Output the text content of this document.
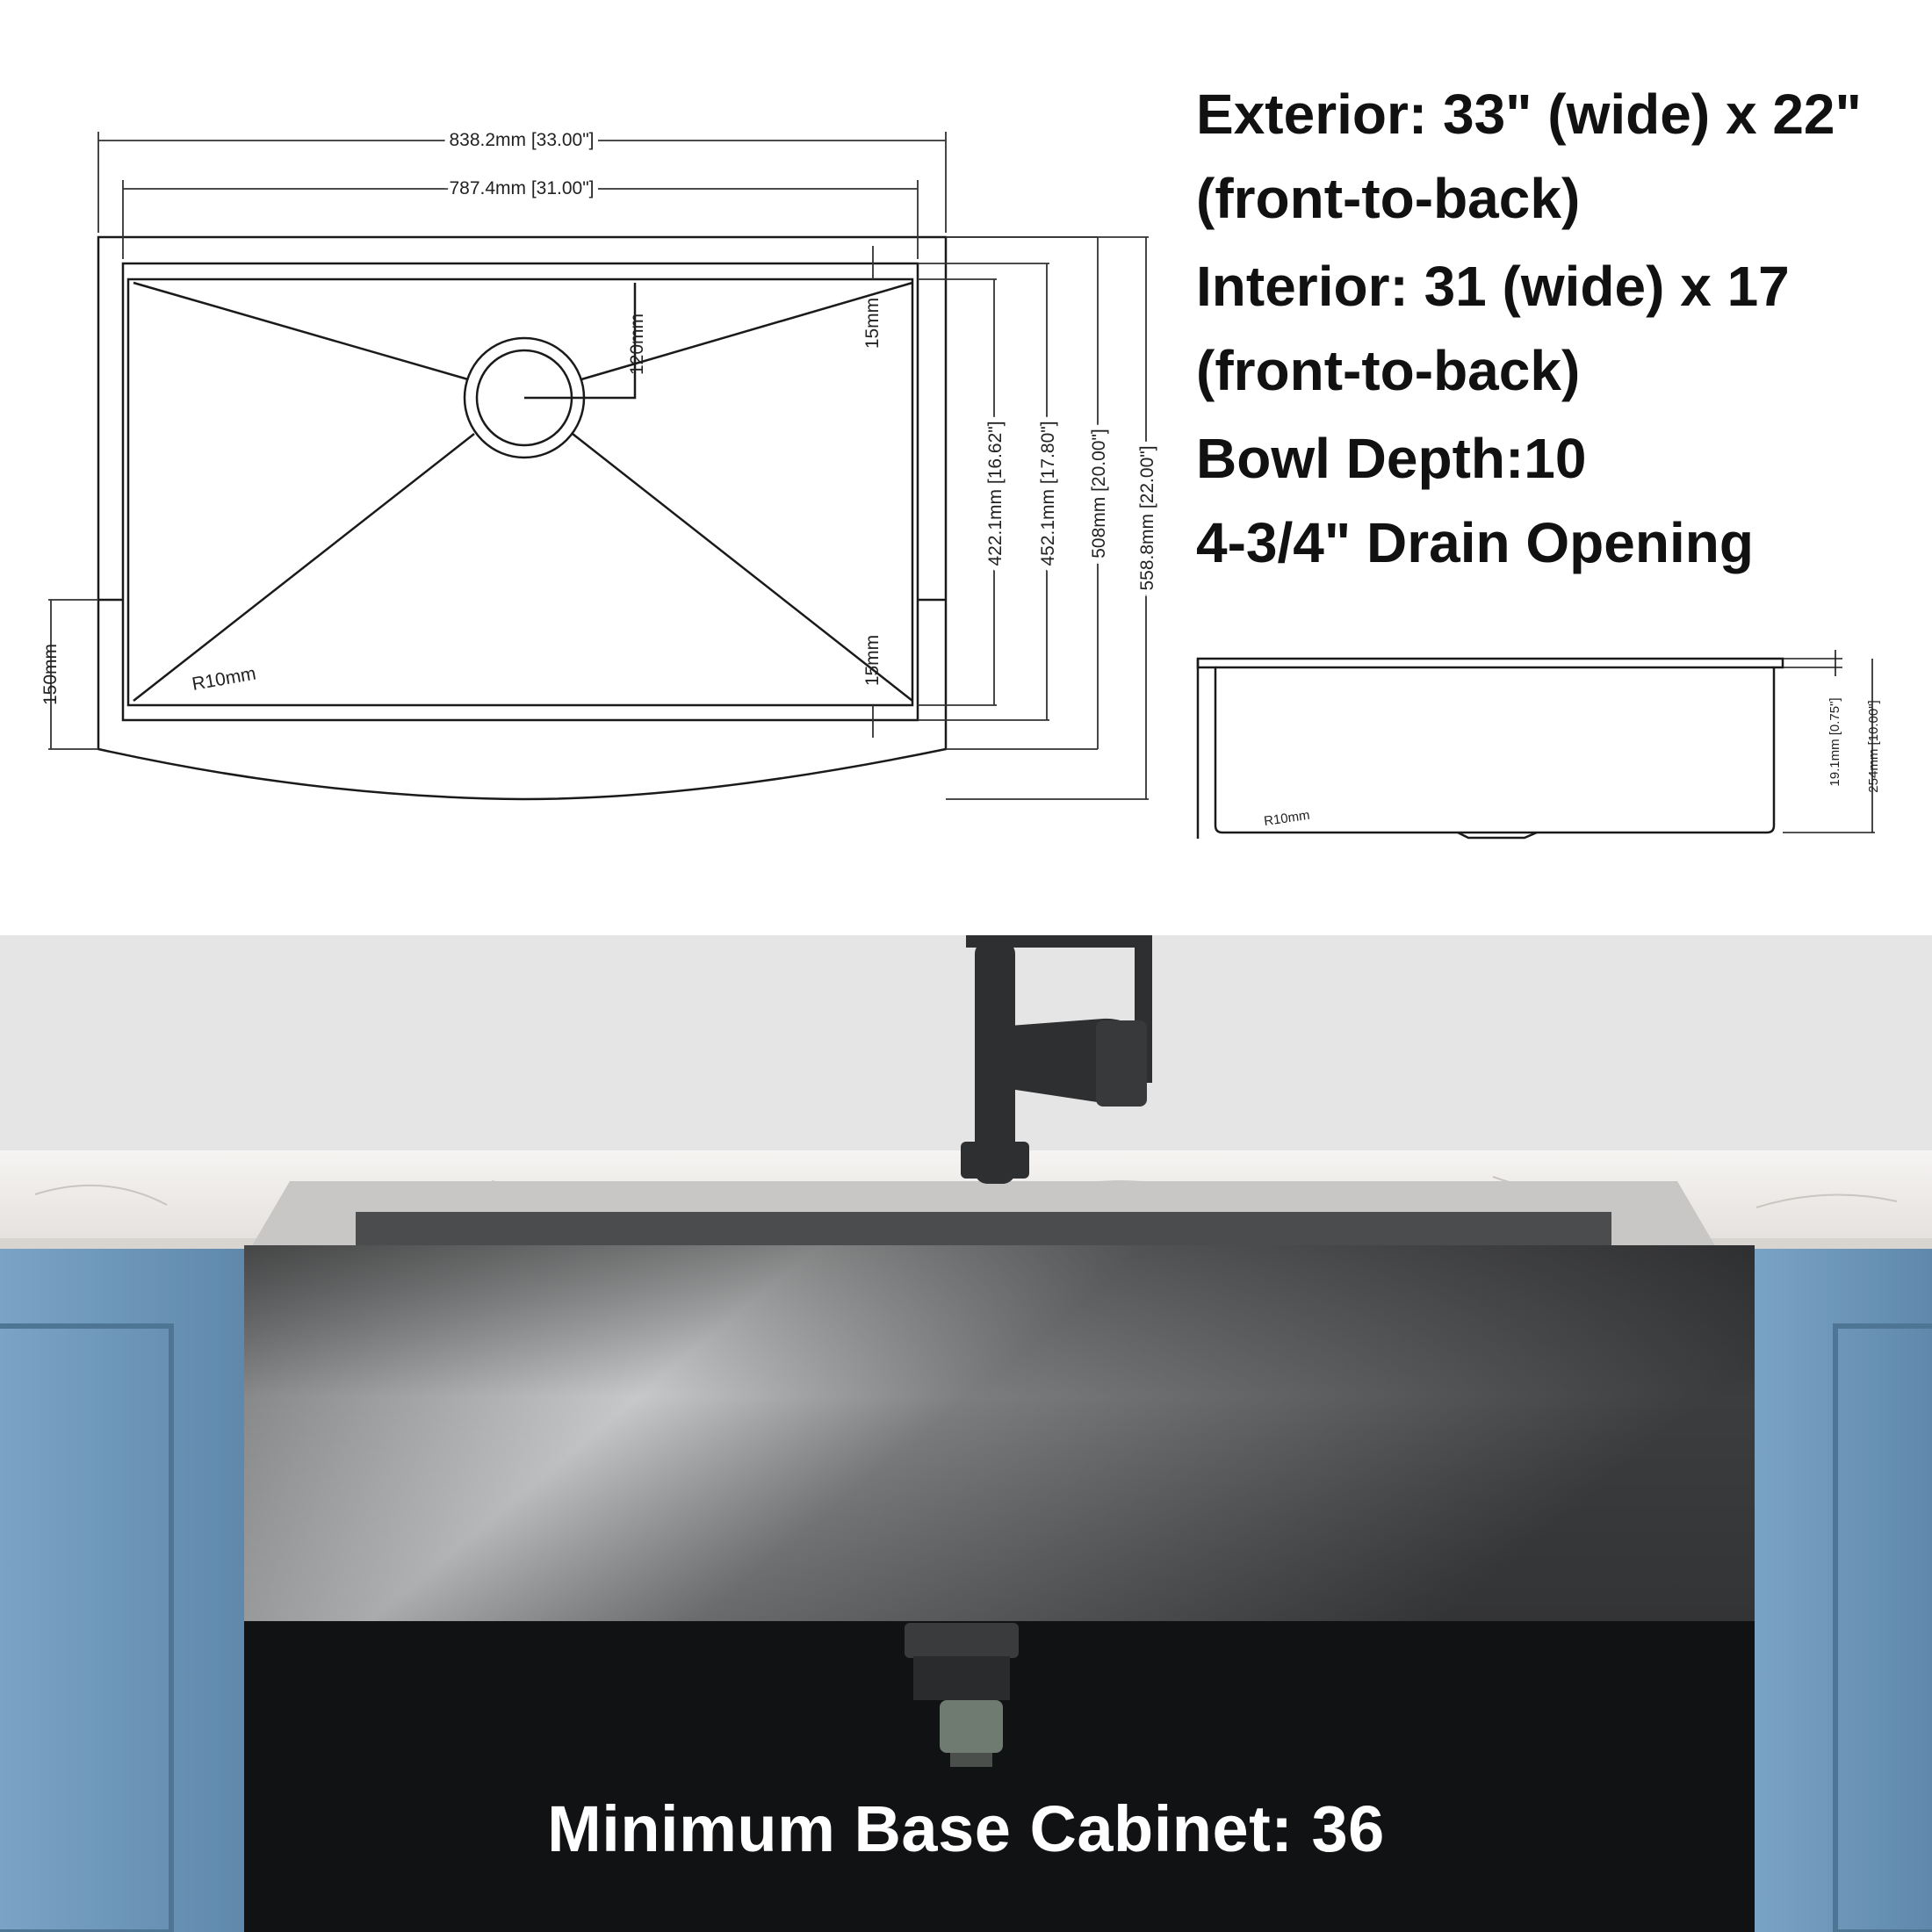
838.2mm [33.00"]
787.4mm [31.00"]
120mm	15mm
15mm
R10mm
150mm
422.1mm [16.62"] 452.1mm [17.80"] 508mm [20.00"] 558.8mm [22.00"]
19.1mm [0.75"] 254mm [10.00"]
R10mm
Exterior: 33" (wide) x 22"
(front-to-back)
Interior: 31 (wide) x 17
(front-to-back)
Bowl Depth:10
4-3/4" Drain Opening
Minimum Base Cabinet: 36
